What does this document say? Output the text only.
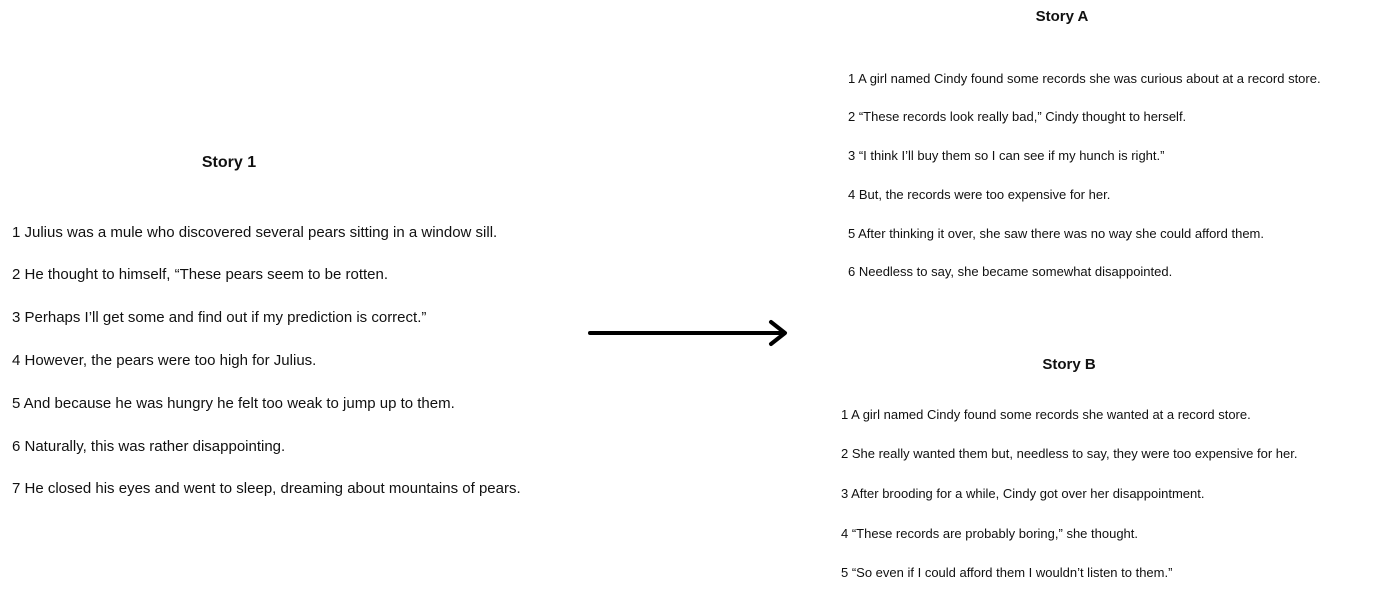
Story 1
1 Julius was a mule who discovered several pears sitting in a window sill.
2 He thought to himself, “These pears seem to be rotten.
3 Perhaps I’ll get some and find out if my prediction is correct.”
4 However, the pears were too high for Julius.
5 And because he was hungry he felt too weak to jump up to them.
6 Naturally, this was rather disappointing.
7 He closed his eyes and went to sleep, dreaming about mountains of pears.
Story A
1 A girl named Cindy found some records she was curious about at a record store.
2 “These records look really bad,” Cindy thought to herself.
3 “I think I’ll buy them so I can see if my hunch is right.”
4 But, the records were too expensive for her.
5 After thinking it over, she saw there was no way she could afford them.
6 Needless to say, she became somewhat disappointed.
Story B
1 A girl named Cindy found some records she wanted at a record store.
2 She really wanted them but, needless to say, they were too expensive for her.
3 After brooding for a while, Cindy got over her disappointment.
4 “These records are probably boring,” she thought.
5 “So even if I could afford them I wouldn’t listen to them.”
